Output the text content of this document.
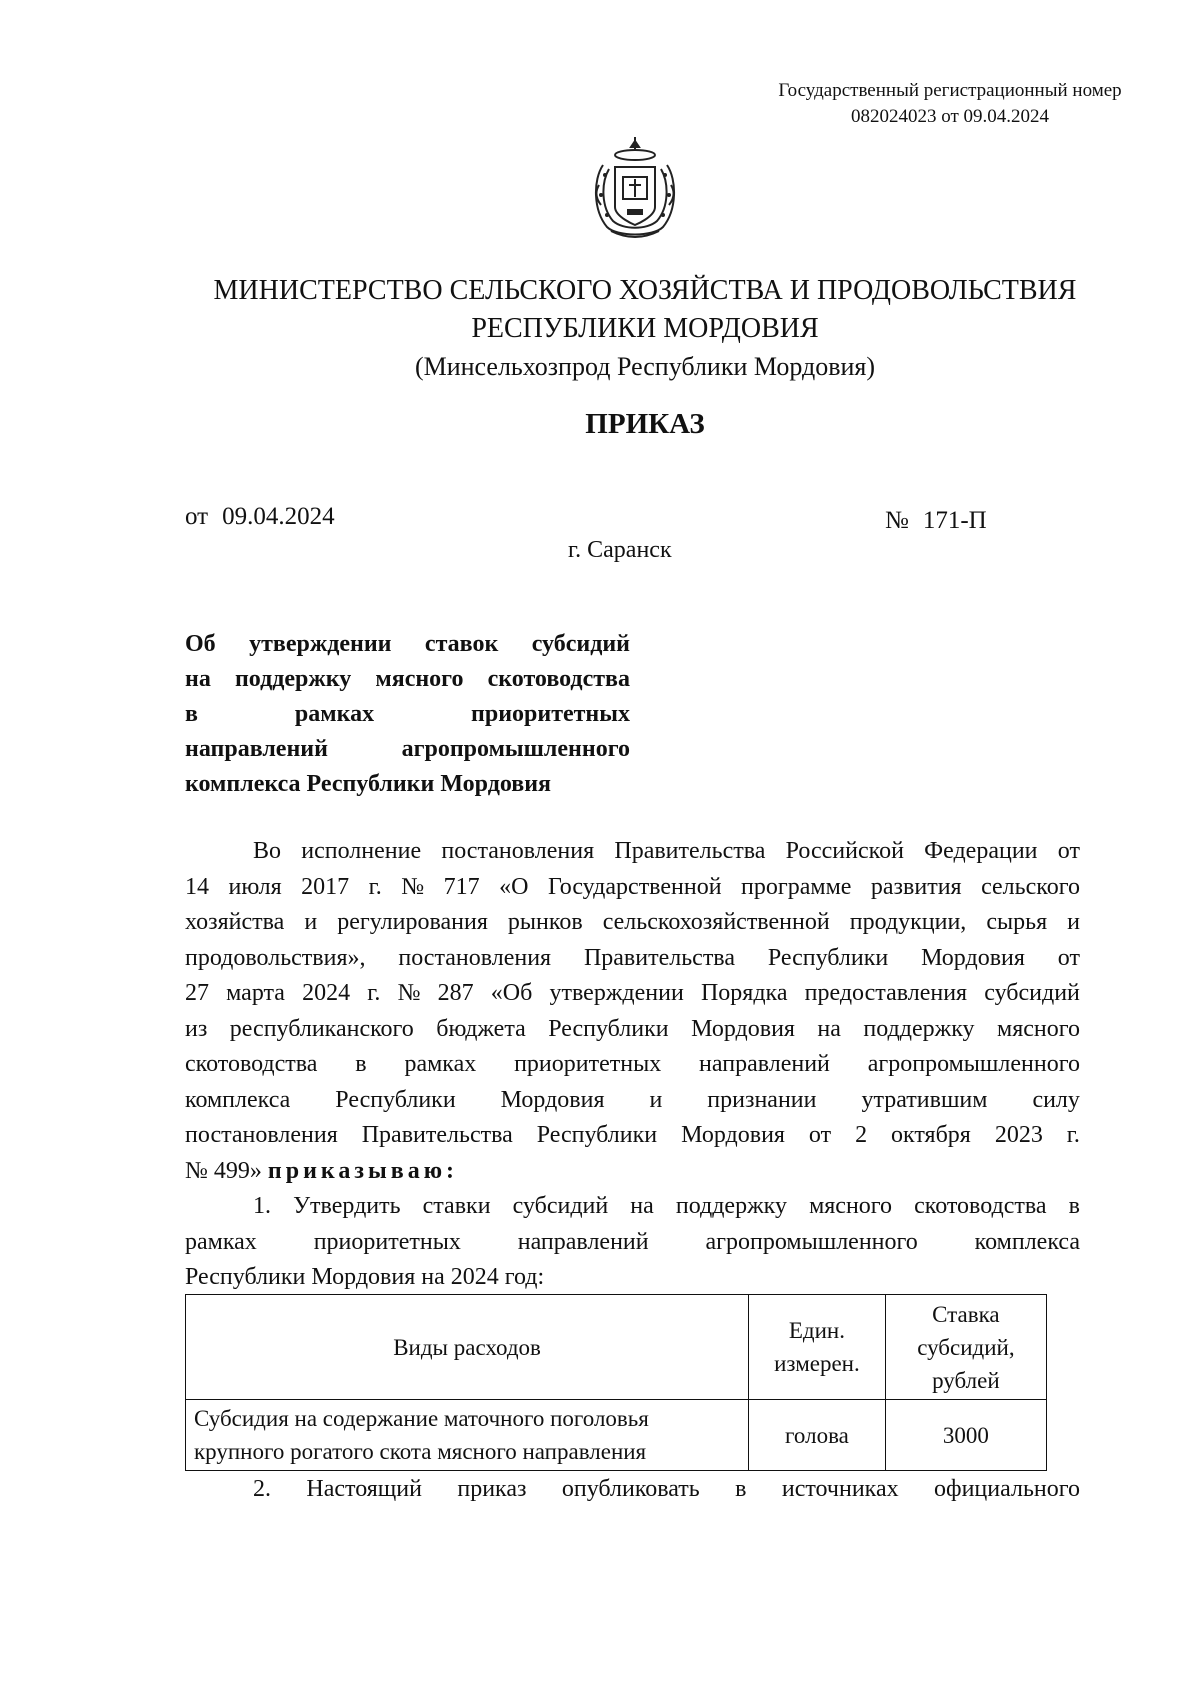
Государственный регистрационный номер
082024023 от 09.04.2024
МИНИСТЕРСТВО СЕЛЬСКОГО ХОЗЯЙСТВА И ПРОДОВОЛЬСТВИЯ
РЕСПУБЛИКИ МОРДОВИЯ
(Минсельхозпрод Республики Мордовия)
ПРИКАЗ
от 09.04.2024	№ 171-П
г. Саранск
Об утверждении ставок субсидий
на поддержку мясного скотоводства
в	рамках	приоритетных
направлений	агропромышленного
комплекса Республики Мордовия
Во исполнение постановления Правительства Российской Федерации от
14 июля 2017 г. № 717 «О Государственной программе развития сельского
хозяйства и регулирования рынков сельскохозяйственной продукции, сырья и
продовольствия», постановления Правительства Республики Мордовия от
27 марта 2024 г. № 287 «Об утверждении Порядка предоставления субсидий
из республиканского бюджета Республики Мордовия на поддержку мясного
скотоводства в рамках приоритетных направлений агропромышленного
комплекса Республики Мордовия и признании утратившим силу
постановления Правительства Республики Мордовия от 2 октября 2023 г.
№ 499» приказываю:
1. Утвердить ставки субсидий на поддержку мясного скотоводства в
рамках приоритетных направлений агропромышленного комплекса
Республики Мордовия на 2024 год:
Виды расходов	Един. измерен.	Ставка субсидий, рублей
Субсидия на содержание маточного поголовья крупного рогатого скота мясного направления	голова	3000
2. Настоящий приказ опубликовать в источниках официального
